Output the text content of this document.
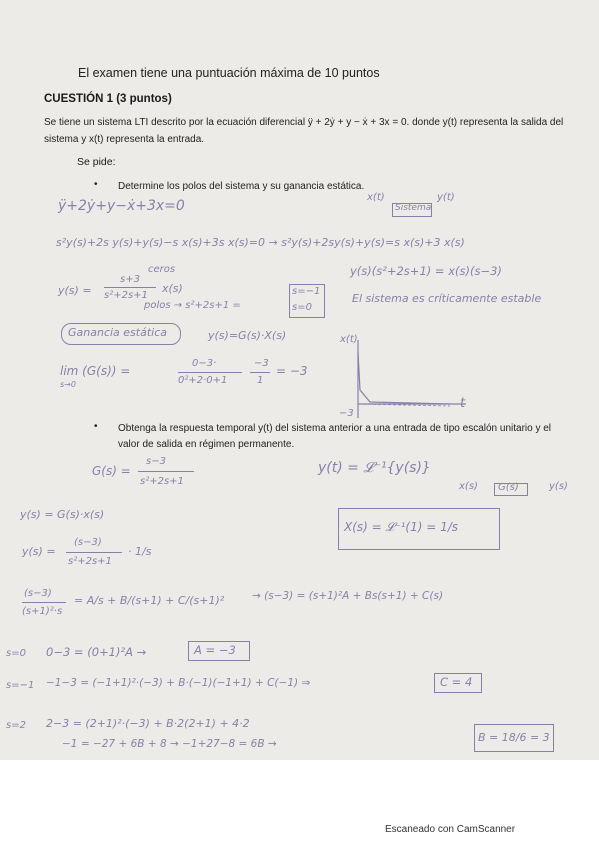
El examen tiene una puntuación máxima de 10 puntos
CUESTIÓN 1 (3 puntos)
Se tiene un sistema LTI descrito por la ecuación diferencial ÿ + 2ẏ + y − ẋ + 3x = 0. donde y(t) representa la salida del sistema y x(t) representa la entrada.
Se pide:
• Determine los polos del sistema y su ganancia estática.
ÿ+2ẏ+y−ẋ+3x=0
x(t)
Sistema
y(t)
s²y(s)+2s y(s)+y(s)−s x(s)+3s x(s)=0 → s²y(s)+2sy(s)+y(s)=s x(s)+3 x(s)
y(s)(s²+2s+1) = x(s)(s−3)
ceros
y(s) =
s+3
s²+2s+1
x(s)
polos → s²+2s+1 =
s=−1
s=0
El sistema es críticamente estable
Ganancia estática	y(s)=G(s)·X(s)
lim (G(s)) =
s→0
0−3·
0²+2·0+1
−3
1
= −3
x(t)
t
−3
• Obtenga la respuesta temporal y(t) del sistema anterior a una entrada de tipo escalón unitario y el valor de salida en régimen permanente.
G(s) =
s−3
s²+2s+1
y(t) = 𝓛⁻¹{y(s)}
x(s) G(s)	y(s)
y(s) = G(s)·x(s)
X(s) = 𝓛⁻¹(1) = 1/s
y(s) =
(s−3)
s²+2s+1
· 1/s
(s−3)
(s+1)²·s
= A/s + B/(s+1) + C/(s+1)²	→ (s−3) = (s+1)²A + Bs(s+1) + C(s)
s=0 0−3 = (0+1)²A →	A = −3
s=−1 −1−3 = (−1+1)²·(−3) + B·(−1)(−1+1) + C(−1) ⇒	C = 4
s=2 2−3 = (2+1)²·(−3) + B·2(2+1) + 4·2
−1 = −27 + 6B + 8 → −1+27−8 = 6B →	B = 18/6 = 3
Escaneado con CamScanner
